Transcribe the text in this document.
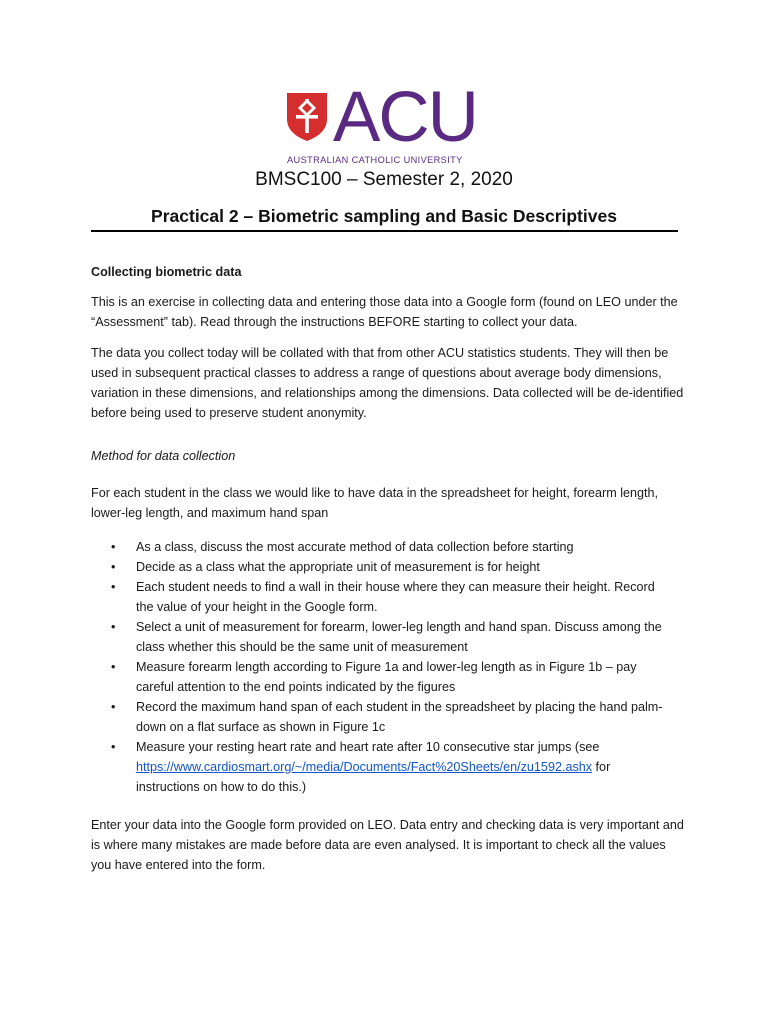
ACU
AUSTRALIAN CATHOLIC UNIVERSITY
BMSC100 – Semester 2, 2020
Practical 2 – Biometric sampling and Basic Descriptives
Collecting biometric data
This is an exercise in collecting data and entering those data into a Google form (found on LEO under the “Assessment” tab). Read through the instructions BEFORE starting to collect your data.
The data you collect today will be collated with that from other ACU statistics students. They will then be used in subsequent practical classes to address a range of questions about average body dimensions, variation in these dimensions, and relationships among the dimensions. Data collected will be de-identified before being used to preserve student anonymity.
Method for data collection
For each student in the class we would like to have data in the spreadsheet for height, forearm length, lower-leg length, and maximum hand span
• As a class, discuss the most accurate method of data collection before starting
• Decide as a class what the appropriate unit of measurement is for height
• Each student needs to find a wall in their house where they can measure their height. Record the value of your height in the Google form.
• Select a unit of measurement for forearm, lower-leg length and hand span. Discuss among the class whether this should be the same unit of measurement
• Measure forearm length according to Figure 1a and lower-leg length as in Figure 1b – pay careful attention to the end points indicated by the figures
• Record the maximum hand span of each student in the spreadsheet by placing the hand palm-down on a flat surface as shown in Figure 1c
• Measure your resting heart rate and heart rate after 10 consecutive star jumps (see https://www.cardiosmart.org/~/media/Documents/Fact%20Sheets/en/zu1592.ashx for instructions on how to do this.)
Enter your data into the Google form provided on LEO. Data entry and checking data is very important and is where many mistakes are made before data are even analysed. It is important to check all the values you have entered into the form.
